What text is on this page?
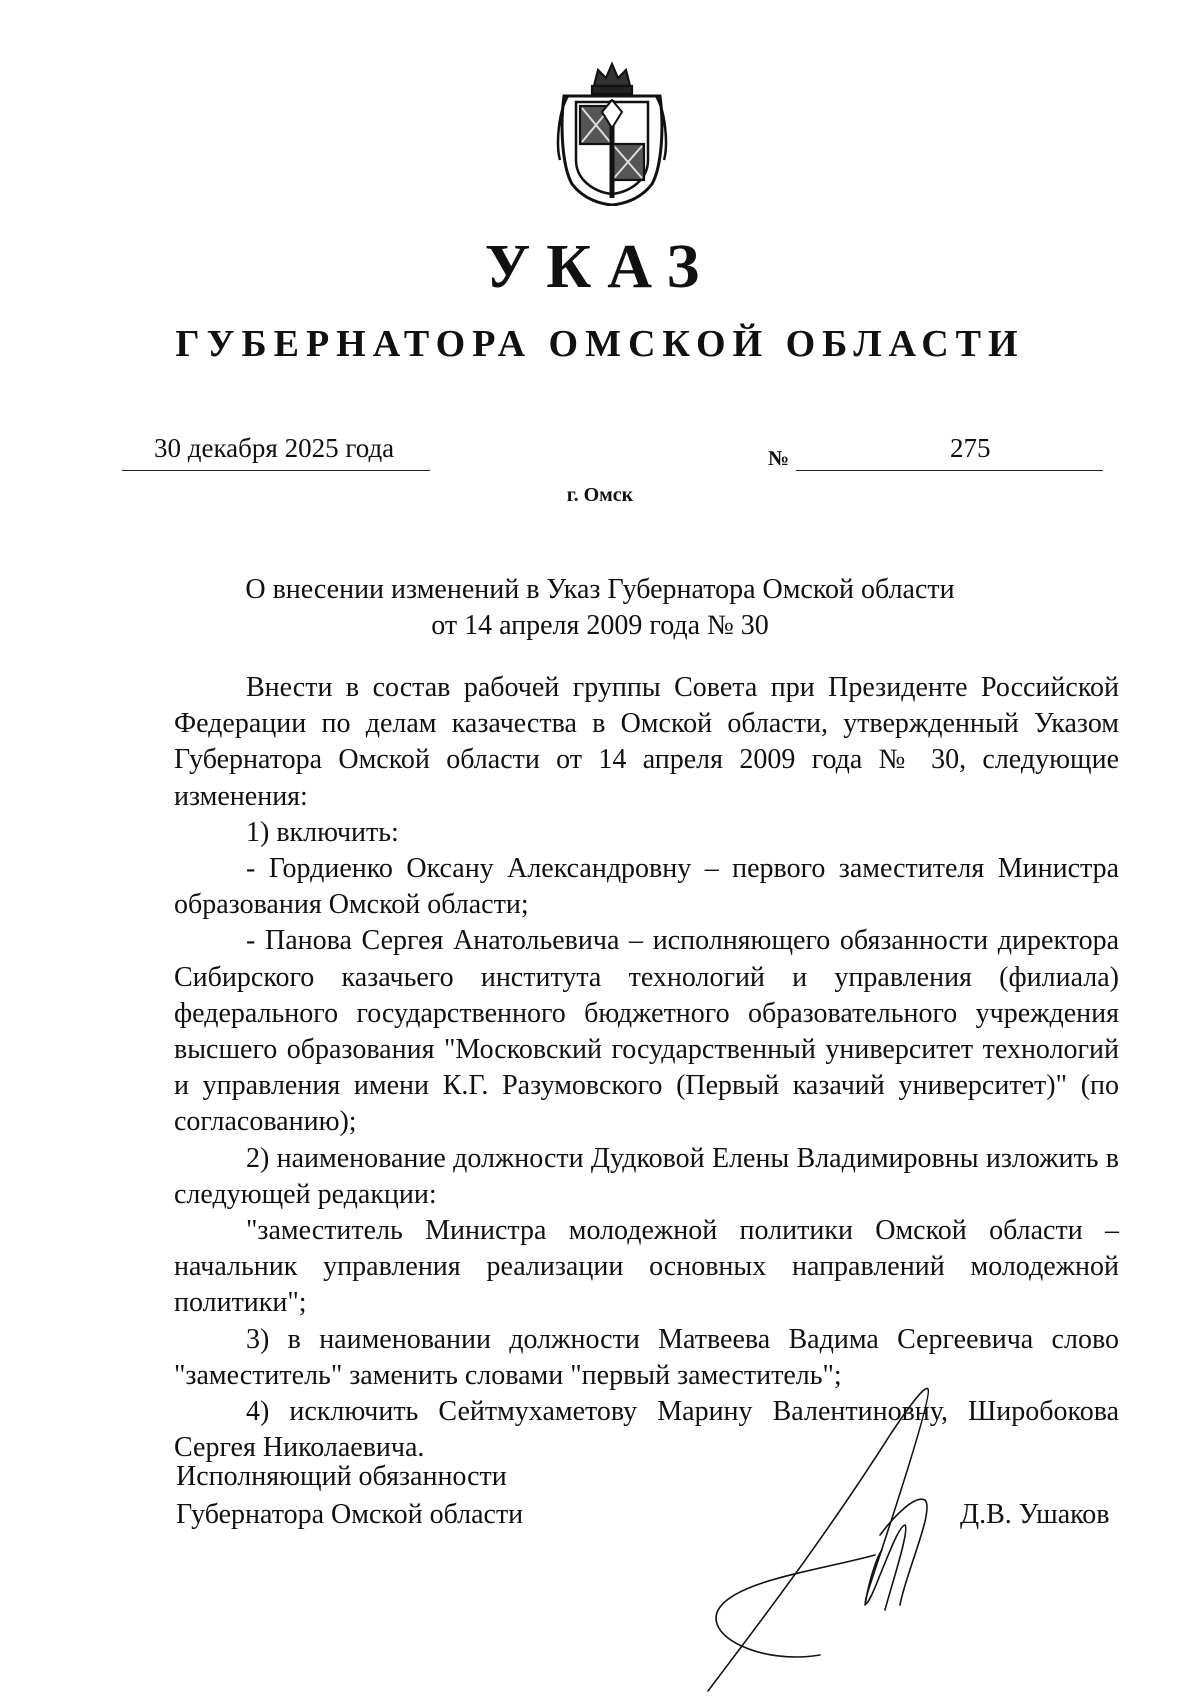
УКАЗ
ГУБЕРНАТОРА ОМСКОЙ ОБЛАСТИ
30 декабря 2025 года	№	275
г. Омск
О внесении изменений в Указ Губернатора Омской области
от 14 апреля 2009 года № 30

Внести в состав рабочей группы Совета при Президенте Российской Федерации по делам казачества в Омской области, утвержденный Указом Губернатора Омской области от 14 апреля 2009 года № 30, следующие изменения:

1) включить:

- Гордиенко Оксану Александровну – первого заместителя Министра образования Омской области;

- Панова Сергея Анатольевича – исполняющего обязанности директора Сибирского казачьего института технологий и управления (филиала) федерального государственного бюджетного образовательного учреждения высшего образования "Московский государственный университет технологий и управления имени К.Г. Разумовского (Первый казачий университет)" (по согласованию);

2) наименование должности Дудковой Елены Владимировны изложить в следующей редакции:

"заместитель Министра молодежной политики Омской области – начальник управления реализации основных направлений молодежной политики";

3) в наименовании должности Матвеева Вадима Сергеевича слово "заместитель" заменить словами "первый заместитель";

4) исключить Сейтмухаметову Марину Валентиновну, Широбокова Сергея Николаевича.

Исполняющий обязанности
Губернатора Омской области	Д.В. Ушаков
